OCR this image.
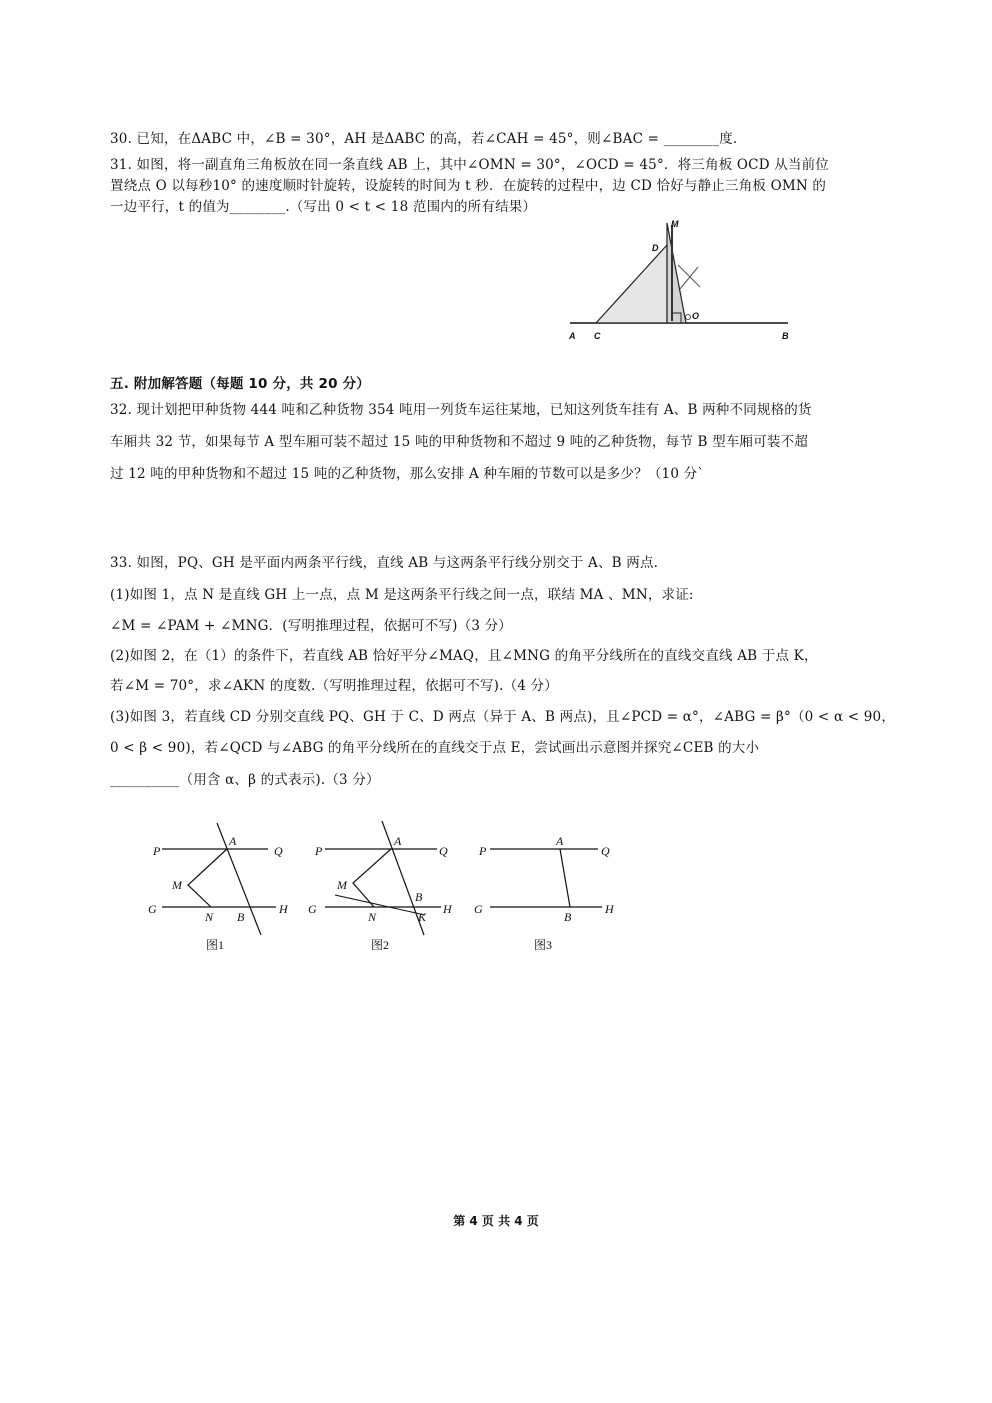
30. 已知，在ΔABC 中，∠B = 30°，AH 是ΔABC 的高，若∠CAH = 45°，则∠BAC = ________度.
31. 如图，将一副直角三角板放在同一条直线 AB 上，其中∠OMN = 30°，∠OCD = 45°．将三角板 OCD 从当前位
置绕点 O 以每秒10° 的速度顺时针旋转，设旋转的时间为 t 秒．在旋转的过程中，边 CD 恰好与静止三角板 OMN 的
一边平行，t 的值为________.（写出 0 < t < 18 范围内的所有结果）
M
D
O
A C	B
五. 附加解答题（每题 10 分，共 20 分）
32. 现计划把甲种货物 444 吨和乙种货物 354 吨用一列货车运往某地，已知这列货车挂有 A、B 两种不同规格的货
车厢共 32 节，如果每节 A 型车厢可装不超过 15 吨的甲种货物和不超过 9 吨的乙种货物，每节 B 型车厢可装不超
过 12 吨的甲种货物和不超过 15 吨的乙种货物，那么安排 A 种车厢的节数可以是多少？（10 分`
33. 如图，PQ、GH 是平面内两条平行线，直线 AB 与这两条平行线分别交于 A、B 两点.
(1)如图 1，点 N 是直线 GH 上一点，点 M 是这两条平行线之间一点，联结 MA 、MN，求证:
∠M = ∠PAM + ∠MNG．(写明推理过程，依据可不写)（3 分）
(2)如图 2，在（1）的条件下，若直线 AB 恰好平分∠MAQ，且∠MNG 的角平分线所在的直线交直线 AB 于点 K，
若∠M = 70°，求∠AKN 的度数.（写明推理过程，依据可不写).（4 分）
(3)如图 3，若直线 CD 分别交直线 PQ、GH 于 C、D 两点（异于 A、B 两点)，且∠PCD = α°，∠ABG = β°（0 < α < 90，
0 < β < 90)，若∠QCD 与∠ABG 的角平分线所在的直线交于点 E，尝试画出示意图并探究∠CEB 的大小
__________（用含 α、β 的式表示).（3 分）
P	Q
A
M
G
N B
H
图1
P	Q
A
M
G
N
B
K
H
图2
P	Q
A
G
B
H
图3
第 4 页 共 4 页
